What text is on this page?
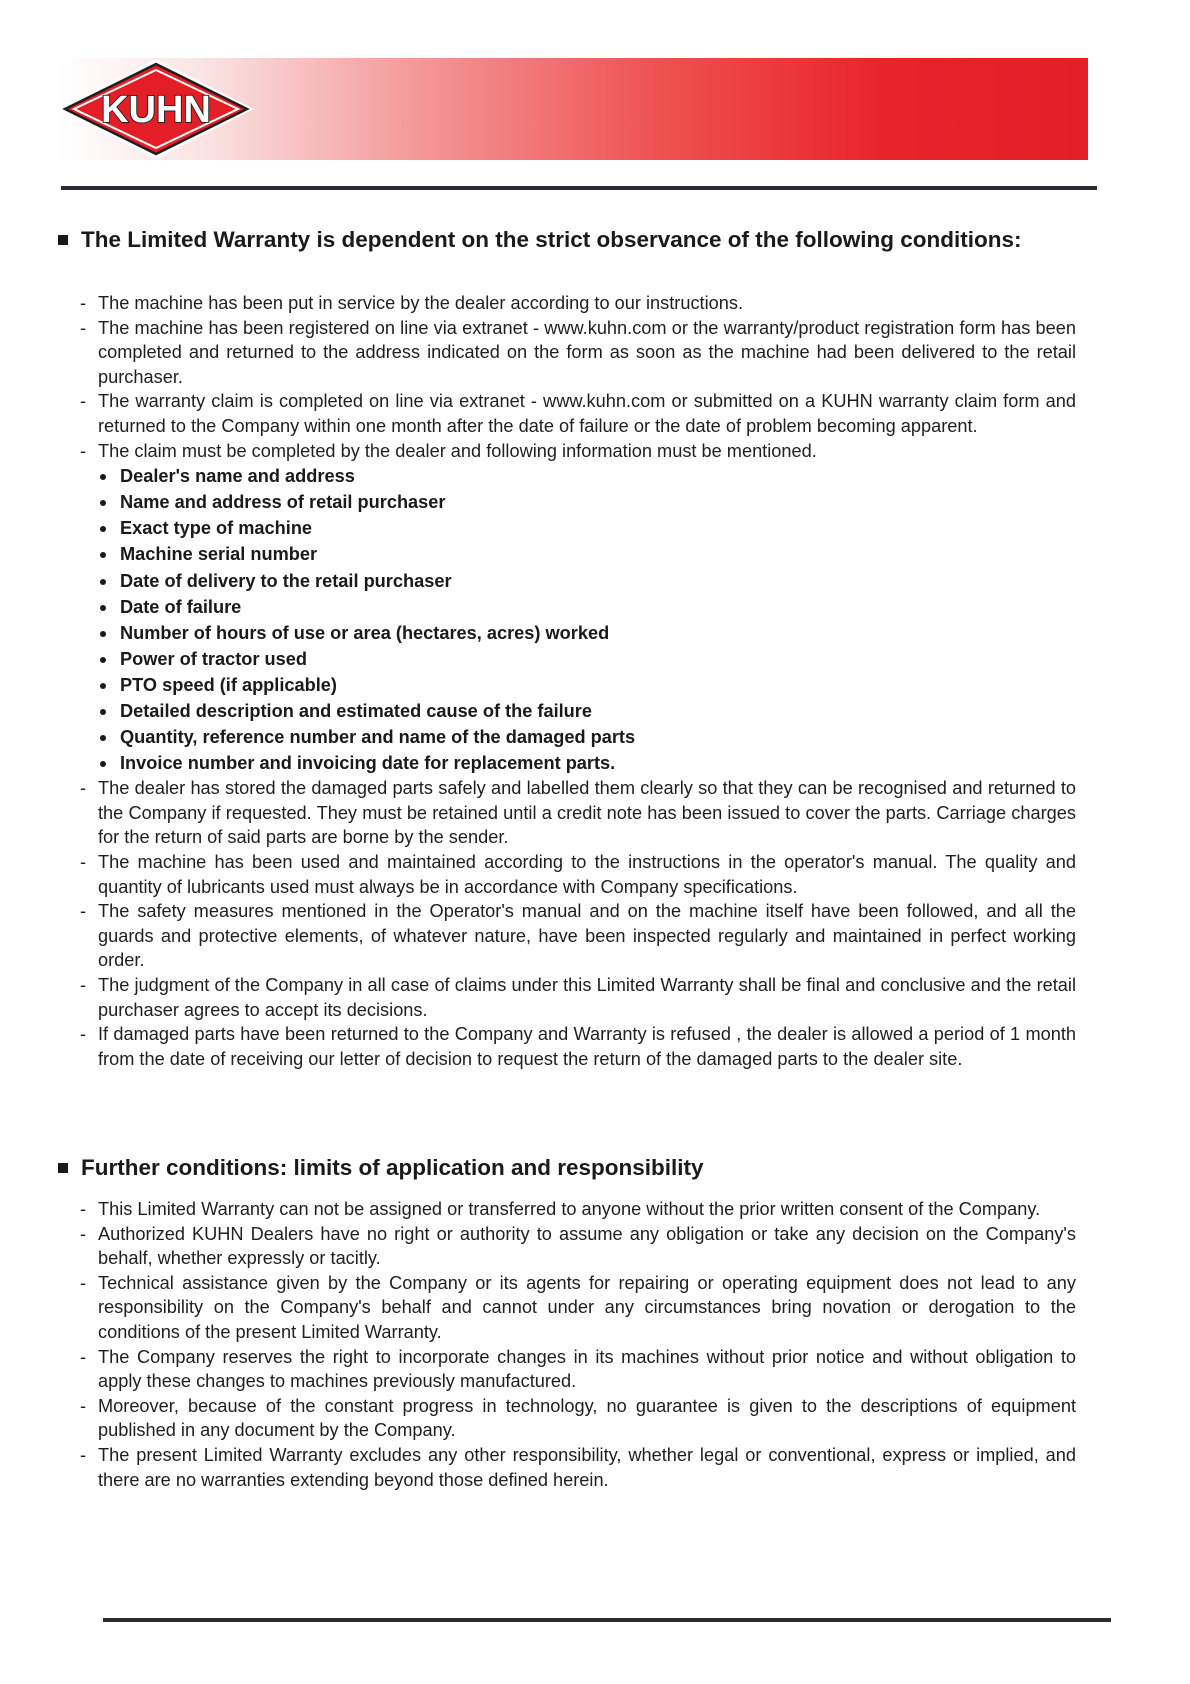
KUHN
The Limited Warranty is dependent on the strict observance of the following conditions:
- The machine has been put in service by the dealer according to our instructions.
- The machine has been registered on line via extranet - www.kuhn.com or the warranty/product registration form has been completed and returned to the address indicated on the form as soon as the machine had been delivered to the retail purchaser.
- The warranty claim is completed on line via extranet - www.kuhn.com or submitted on a KUHN warranty claim form and returned to the Company within one month after the date of failure or the date of problem becoming apparent.
- The claim must be completed by the dealer and following information must be mentioned.
Dealer's name and address
Name and address of retail purchaser
Exact type of machine
Machine serial number
Date of delivery to the retail purchaser
Date of failure
Number of hours of use or area (hectares, acres) worked
Power of tractor used
PTO speed (if applicable)
Detailed description and estimated cause of the failure
Quantity, reference number and name of the damaged parts
Invoice number and invoicing date for replacement parts.
- The dealer has stored the damaged parts safely and labelled them clearly so that they can be recognised and returned to the Company if requested. They must be retained until a credit note has been issued to cover the parts. Carriage charges for the return of said parts are borne by the sender.
- The machine has been used and maintained according to the instructions in the operator's manual. The quality and quantity of lubricants used must always be in accordance with Company specifications.
- The safety measures mentioned in the Operator's manual and on the machine itself have been followed, and all the guards and protective elements, of whatever nature, have been inspected regularly and maintained in perfect working order.
- The judgment of the Company in all case of claims under this Limited Warranty shall be final and conclusive and the retail purchaser agrees to accept its decisions.
- If damaged parts have been returned to the Company and Warranty is refused , the dealer is allowed a period of 1 month from the date of receiving our letter of decision to request the return of the damaged parts to the dealer site.
Further conditions: limits of application and responsibility
- This Limited Warranty can not be assigned or transferred to anyone without the prior written consent of the Company.
- Authorized KUHN Dealers have no right or authority to assume any obligation or take any decision on the Company's behalf, whether expressly or tacitly.
- Technical assistance given by the Company or its agents for repairing or operating equipment does not lead to any responsibility on the Company's behalf and cannot under any circumstances bring novation or derogation to the conditions of the present Limited Warranty.
- The Company reserves the right to incorporate changes in its machines without prior notice and without obligation to apply these changes to machines previously manufactured.
- Moreover, because of the constant progress in technology, no guarantee is given to the descriptions of equipment published in any document by the Company.
- The present Limited Warranty excludes any other responsibility, whether legal or conventional, express or implied, and there are no warranties extending beyond those defined herein.
